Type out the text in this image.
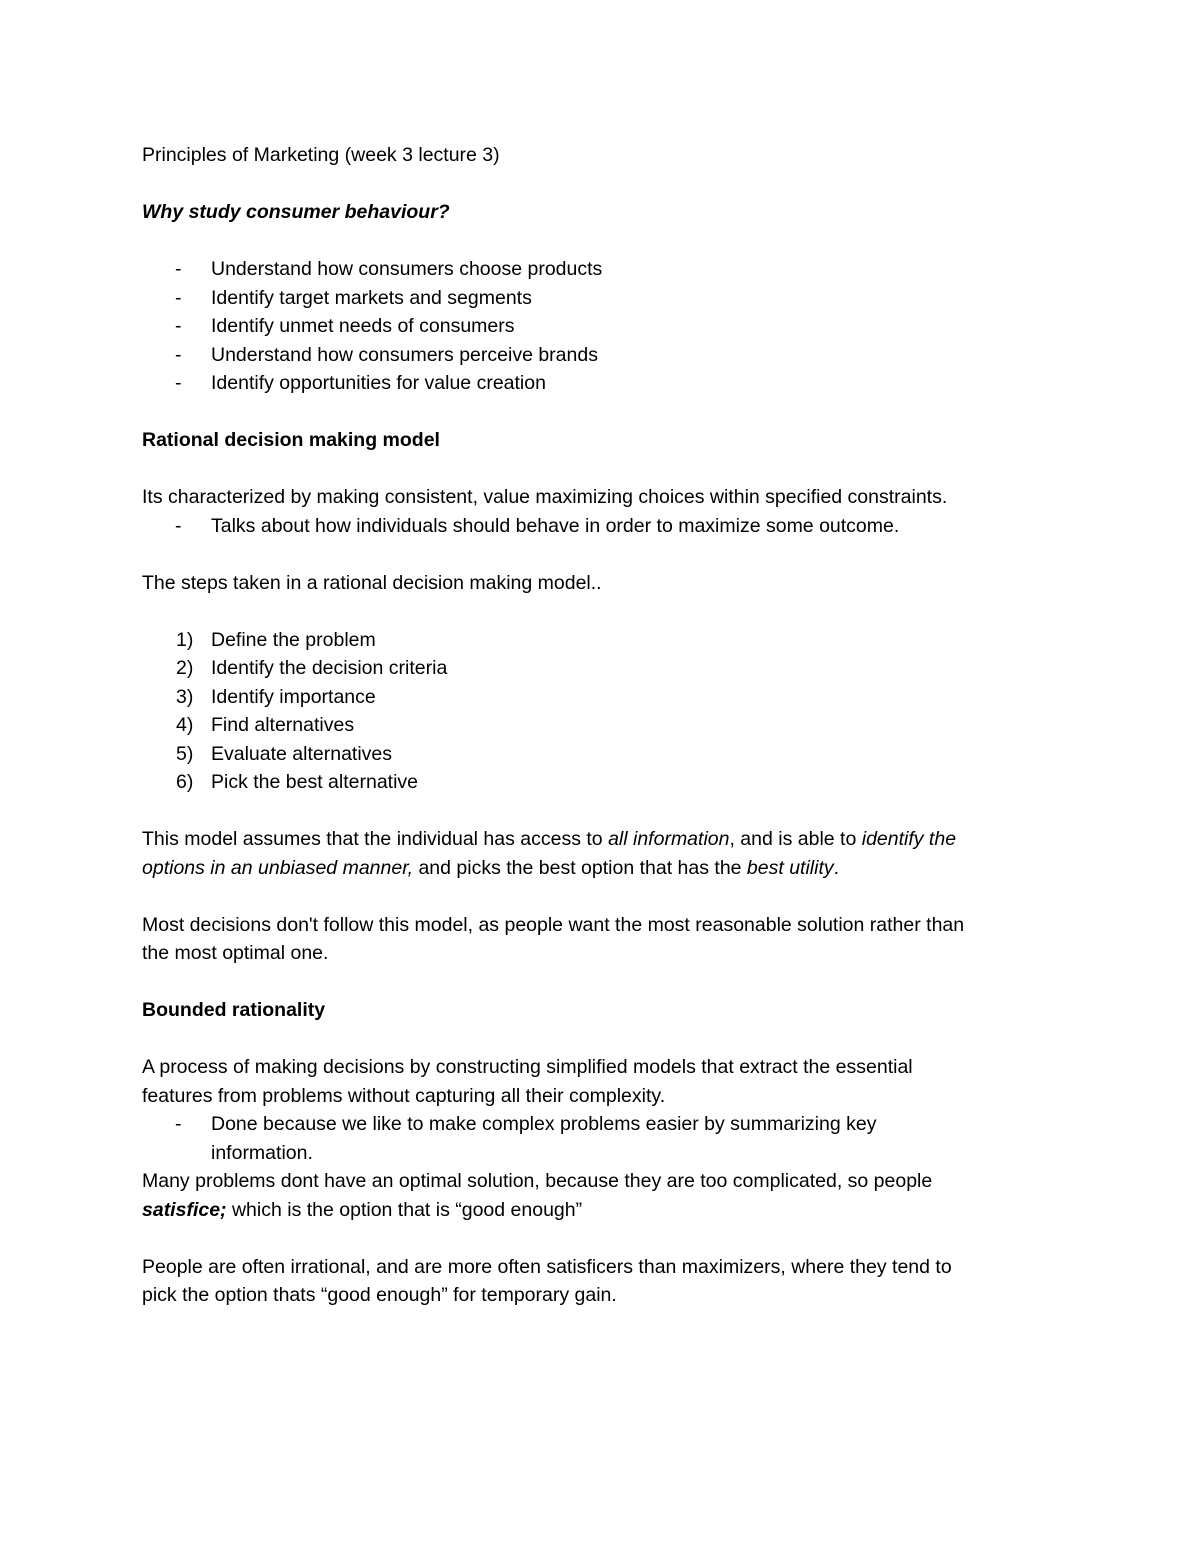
Principles of Marketing (week 3 lecture 3)

Why study consumer behaviour?

- Understand how consumers choose products

- Identify target markets and segments

- Identify unmet needs of consumers

- Understand how consumers perceive brands

- Identify opportunities for value creation

Rational decision making model

Its characterized by making consistent, value maximizing choices within specified constraints.

- Talks about how individuals should behave in order to maximize some outcome.

The steps taken in a rational decision making model..

1) Define the problem

2) Identify the decision criteria

3) Identify importance

4) Find alternatives

5) Evaluate alternatives

6) Pick the best alternative

This model assumes that the individual has access to all information, and is able to identify the

options in an unbiased manner, and picks the best option that has the best utility.

Most decisions don't follow this model, as people want the most reasonable solution rather than

the most optimal one.

Bounded rationality

A process of making decisions by constructing simplified models that extract the essential

features from problems without capturing all their complexity.

- Done because we like to make complex problems easier by summarizing key

information.

Many problems dont have an optimal solution, because they are too complicated, so people

satisfice; which is the option that is “good enough”

People are often irrational, and are more often satisficers than maximizers, where they tend to

pick the option thats “good enough” for temporary gain.
